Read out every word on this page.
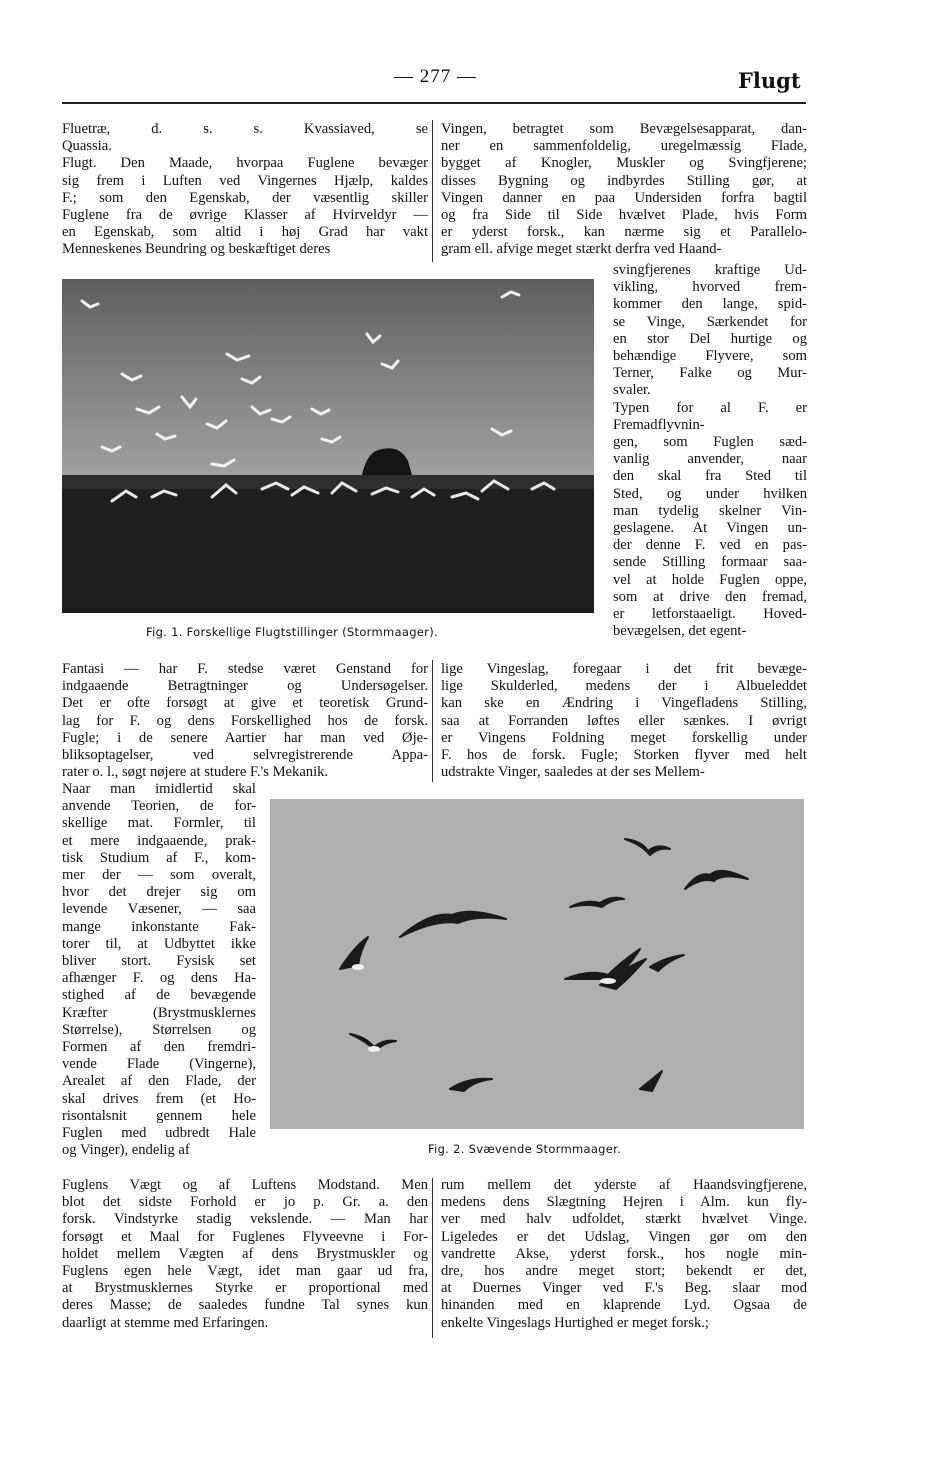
— 277 —	Flugt
Fluetræ, d. s. s. Kvassiaved, se
Quassia.
Flugt. Den Maade, hvorpaa Fuglene bevæger
sig frem i Luften ved Vingernes Hjælp, kaldes
F.; som den Egenskab, der væsentlig skiller
Fuglene fra de øvrige Klasser af Hvirveldyr —
en Egenskab, som altid i høj Grad har vakt
Menneskenes Beundring og beskæftiget deres
Vingen, betragtet som Bevægelsesapparat, dan-
ner en sammenfoldelig, uregelmæssig Flade,
bygget af Knogler, Muskler og Svingfjerene;
disses Bygning og indbyrdes Stilling gør, at
Vingen danner en paa Undersiden forfra bagtil
og fra Side til Side hvælvet Plade, hvis Form
er yderst forsk., kan nærme sig et Parallelo-
gram ell. afvige meget stærkt derfra ved Haand-
Fig. 1. Forskellige Flugtstillinger (Stormmaager).
svingfjerenes kraftige Ud-
vikling, hvorved frem-
kommer den lange, spid-
se Vinge, Særkendet for
en stor Del hurtige og
behændige Flyvere, som
Terner, Falke og Mur-
svaler.
Typen for al F. er
Fremadflyvnin-
gen, som Fuglen sæd-
vanlig anvender, naar
den skal fra Sted til
Sted, og under hvilken
man tydelig skelner Vin-
geslagene. At Vingen un-
der denne F. ved en pas-
sende Stilling formaar saa-
vel at holde Fuglen oppe,
som at drive den fremad,
er letforstaaeligt. Hoved-
bevægelsen, det egent-
Fantasi — har F. stedse været Genstand for
indgaaende Betragtninger og Undersøgelser.
Det er ofte forsøgt at give et teoretisk Grund-
lag for F. og dens Forskellighed hos de forsk.
Fugle; i de senere Aartier har man ved Øje-
bliksoptagelser, ved selvregistrerende Appa-
rater o. l., søgt nøjere at studere F.'s Mekanik.
lige Vingeslag, foregaar i det frit bevæge-
lige Skulderled, medens der i Albueleddet
kan ske en Ændring i Vingefladens Stilling,
saa at Forranden løftes eller sænkes. I øvrigt
er Vingens Foldning meget forskellig under
F. hos de forsk. Fugle; Storken flyver med helt
udstrakte Vinger, saaledes at der ses Mellem-
Naar man imidlertid skal
anvende Teorien, de for-
skellige mat. Formler, til
et mere indgaaende, prak-
tisk Studium af F., kom-
mer der — som overalt,
hvor det drejer sig om
levende Væsener, — saa
mange inkonstante Fak-
torer til, at Udbyttet ikke
bliver stort. Fysisk set
afhænger F. og dens Ha-
stighed af de bevægende
Kræfter (Brystmusklernes
Størrelse), Størrelsen og
Formen af den fremdri-
vende Flade (Vingerne),
Arealet af den Flade, der
skal drives frem (et Ho-
risontalsnit gennem hele
Fuglen med udbredt Hale
og Vinger), endelig af	Fig. 2. Svævende Stormmaager.
Fuglens Vægt og af Luftens Modstand. Men
blot det sidste Forhold er jo p. Gr. a. den
forsk. Vindstyrke stadig vekslende. — Man har
forsøgt et Maal for Fuglenes Flyveevne i For-
holdet mellem Vægten af dens Brystmuskler og
Fuglens egen hele Vægt, idet man gaar ud fra,
at Brystmusklernes Styrke er proportional med
deres Masse; de saaledes fundne Tal synes kun
daarligt at stemme med Erfaringen.
rum mellem det yderste af Haandsvingfjerene,
medens dens Slægtning Hejren i Alm. kun fly-
ver med halv udfoldet, stærkt hvælvet Vinge.
Ligeledes er det Udslag, Vingen gør om den
vandrette Akse, yderst forsk., hos nogle min-
dre, hos andre meget stort; bekendt er det,
at Duernes Vinger ved F.'s Beg. slaar mod
hinanden med en klaprende Lyd. Ogsaa de
enkelte Vingeslags Hurtighed er meget forsk.;
